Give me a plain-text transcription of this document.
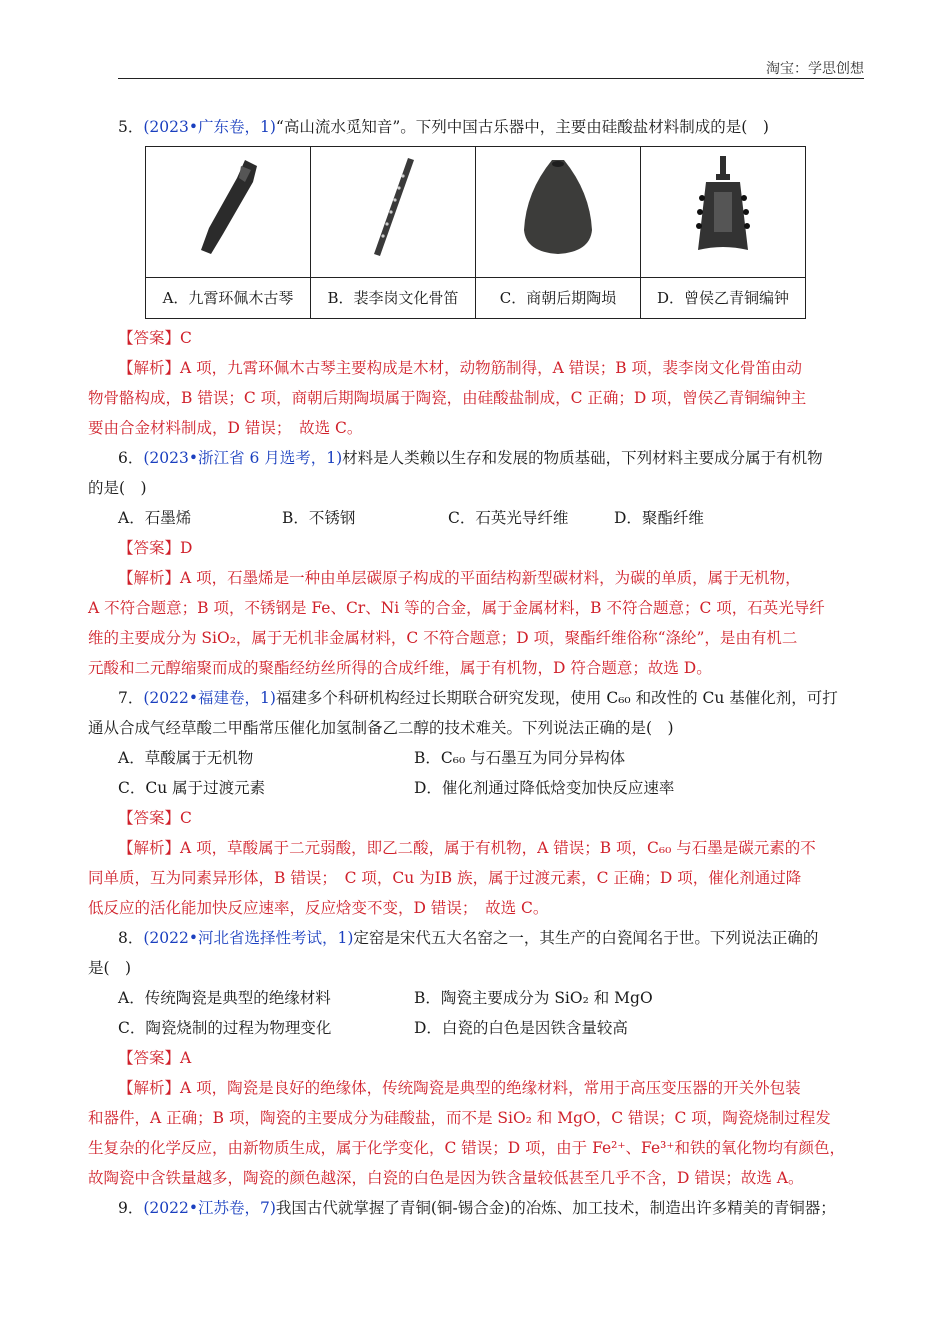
淘宝：学思创想

5．(2023•广东卷，1)“高山流水觅知音”。下列中国古乐器中，主要由硅酸盐材料制成的是(　)

A．九霄环佩木古琴	B．裴李岗文化骨笛	C．商朝后期陶埙	D．曾侯乙青铜编钟

【答案】C

【解析】A 项，九霄环佩木古琴主要构成是木材，动物筋制得，A 错误；B 项，裴李岗文化骨笛由动

物骨骼构成，B 错误；C 项，商朝后期陶埙属于陶瓷，由硅酸盐制成，C 正确；D 项，曾侯乙青铜编钟主

要由合金材料制成，D 错误；　故选 C。

6．(2023•浙江省 6 月选考，1)材料是人类赖以生存和发展的物质基础，下列材料主要成分属于有机物

的是(　)

A．石墨烯	B．不锈钢	C．石英光导纤维	D．聚酯纤维

【答案】D

【解析】A 项，石墨烯是一种由单层碳原子构成的平面结构新型碳材料，为碳的单质，属于无机物，

A 不符合题意；B 项，不锈钢是 Fe、Cr、Ni 等的合金，属于金属材料，B 不符合题意；C 项，石英光导纤

维的主要成分为 SiO₂，属于无机非金属材料，C 不符合题意；D 项，聚酯纤维俗称“涤纶”，是由有机二

元酸和二元醇缩聚而成的聚酯经纺丝所得的合成纤维，属于有机物，D 符合题意；故选 D。

7．(2022•福建卷，1)福建多个科研机构经过长期联合研究发现，使用 C₆₀ 和改性的 Cu 基催化剂，可打

通从合成气经草酸二甲酯常压催化加氢制备乙二醇的技术难关。下列说法正确的是(　)

A．草酸属于无机物	B．C₆₀ 与石墨互为同分异构体
C．Cu 属于过渡元素	D．催化剂通过降低焓变加快反应速率

【答案】C

【解析】A 项，草酸属于二元弱酸，即乙二酸，属于有机物，A 错误；B 项，C₆₀ 与石墨是碳元素的不

同单质，互为同素异形体，B 错误；　C 项，Cu 为ⅠB 族，属于过渡元素，C 正确；D 项，催化剂通过降

低反应的活化能加快反应速率，反应焓变不变，D 错误；　故选 C。

8．(2022•河北省选择性考试，1)定窑是宋代五大名窑之一，其生产的白瓷闻名于世。下列说法正确的

是(　)

A．传统陶瓷是典型的绝缘材料	B．陶瓷主要成分为 SiO₂ 和 MgO
C．陶瓷烧制的过程为物理变化	D．白瓷的白色是因铁含量较高

【答案】A

【解析】A 项，陶瓷是良好的绝缘体，传统陶瓷是典型的绝缘材料，常用于高压变压器的开关外包装

和器件，A 正确；B 项，陶瓷的主要成分为硅酸盐，而不是 SiO₂ 和 MgO，C 错误；C 项，陶瓷烧制过程发

生复杂的化学反应，由新物质生成，属于化学变化，C 错误；D 项，由于 Fe²⁺、Fe³⁺和铁的氧化物均有颜色，

故陶瓷中含铁量越多，陶瓷的颜色越深，白瓷的白色是因为铁含量较低甚至几乎不含，D 错误；故选 A。

9．(2022•江苏卷，7)我国古代就掌握了青铜(铜-锡合金)的冶炼、加工技术，制造出许多精美的青铜器；
